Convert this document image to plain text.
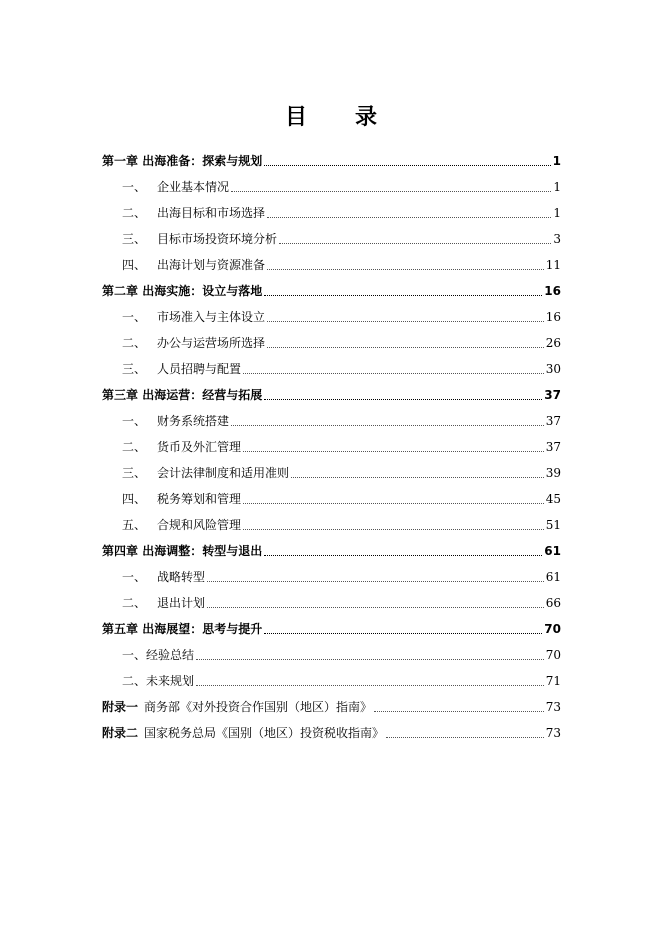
目 录
第一章 出海准备：探索与规划	1
一、 企业基本情况	1
二、 出海目标和市场选择	1
三、 目标市场投资环境分析	3
四、 出海计划与资源准备	11
第二章 出海实施：设立与落地	16
一、 市场准入与主体设立	16
二、 办公与运营场所选择	26
三、 人员招聘与配置	30
第三章 出海运营：经营与拓展	37
一、 财务系统搭建	37
二、 货币及外汇管理	37
三、 会计法律制度和适用准则	39
四、 税务筹划和管理	45
五、 合规和风险管理	51
第四章 出海调整：转型与退出	61
一、 战略转型	61
二、 退出计划	66
第五章 出海展望：思考与提升	70
一、经验总结	70
二、未来规划	71
附录一 商务部《对外投资合作国别（地区）指南》	73
附录二 国家税务总局《国别（地区）投资税收指南》	73
